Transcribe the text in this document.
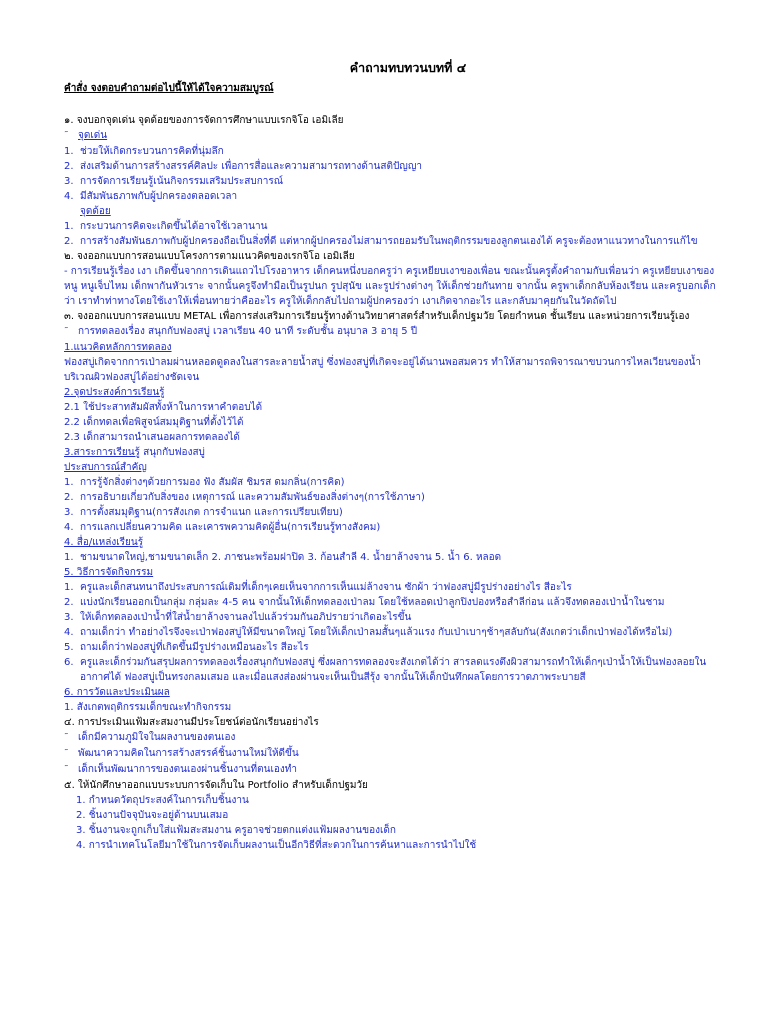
คำถามทบทวนบทที่ ๔
คำสั่ง จงตอบคำถามต่อไปนี้ให้ได้ใจความสมบูรณ์
๑. จงบอกจุดเด่น จุดด้อยของการจัดการศึกษาแบบเรกจิโอ เอมิเลีย
˜ จุดเด่น
1. ช่วยให้เกิดกระบวนการคิดที่นุ่มลึก
2. ส่งเสริมด้านการสร้างสรรค์ศิลปะ เพื่อการสื่อและความสามารถทางด้านสติปัญญา
3. การจัดการเรียนรู้เน้นกิจกรรมเสริมประสบการณ์
4. มีสัมพันธภาพกับผู้ปกครองตลอดเวลา
จุดด้อย
1. กระบวนการคิดจะเกิดขึ้นได้อาจใช้เวลานาน
2. การสร้างสัมพันธภาพกับผู้ปกครองถือเป็นสิ่งที่ดี แต่หากผู้ปกครองไม่สามารถยอมรับในพฤติกรรมของลูกตนเองได้ ครูจะต้องหาแนวทางในการแก้ไข
๒. จงออกแบบการสอนแบบโครงการตามแนวคิดของเรกจิโอ เอมิเลีย
- การเรียนรู้เรื่อง เงา เกิดขึ้นจากการเดินแถวไปโรงอาหาร เด็กคนหนึ่งบอกครูว่า ครูเหยียบเงาของเพื่อน ขณะนั้นครูตั้งคำถามกับเพื่อนว่า ครูเหยียบเงาของหนู หนูเจ็บไหม เด็กพากันหัวเราะ จากนั้นครูจึงทำมือเป็นรูปนก รูปสุนัข และรูปร่างต่างๆ ให้เด็กช่วยกันทาย จากนั้น ครูพาเด็กกลับห้องเรียน และครูบอกเด็กว่า เราทำท่าทางโดยใช้เงาให้เพื่อนทายว่าคืออะไร ครูให้เด็กกลับไปถามผู้ปกครองว่า เงาเกิดจากอะไร และกลับมาคุยกันในวัดถัดไป
๓. จงออกแบบการสอนแบบ METAL เพื่อการส่งเสริมการเรียนรู้ทางด้านวิทยาศาสตร์สำหรับเด็กปฐมวัย โดยกำหนด ชั้นเรียน และหน่วยการเรียนรู้เอง
˜ การทดลองเรื่อง สนุกกับฟองสบู่ เวลาเรียน 40 นาที ระดับชั้น อนุบาล 3 อายุ 5 ปี
1.แนวคิดหลักการทดลอง
ฟองสบู่เกิดจากการเป่าลมผ่านหลอดดูดลงในสารละลายน้ำสบู่ ซึ่งฟองสบู่ที่เกิดจะอยู่ได้นานพอสมควร ทำให้สามารถพิจารณาขบวนการไหลเวียนของน้ำบริเวณผิวฟองสบู่ได้อย่างชัดเจน
2.จุดประสงค์การเรียนรู้
2.1 ใช้ประสาทสัมผัสทั้งห้าในการหาคำตอบได้
2.2 เด็กทดลเพื่อพิสูจน์สมมุติฐานที่ตั้งไว้ได้
2.3 เด็กสามารถนำเสนอผลการทดลองได้
3.สาระการเรียนรู้ สนุกกับฟองสบู่
ประสบการณ์สำคัญ
1. การรู้จักสิ่งต่างๆด้วยการมอง ฟัง สัมผัส ชิมรส ดมกลิ่น(การคิด)
2. การอธิบายเกี่ยวกับสิ่งของ เหตุการณ์ และความสัมพันธ์ของสิ่งต่างๆ(การใช้ภาษา)
3. การตั้งสมมุติฐาน(การสังเกต การจำแนก และการเปรียบเทียบ)
4. การแลกเปลี่ยนความคิด และเคารพความคิดผู้อื่น(การเรียนรู้ทางสังคม)
4. สื่อ/แหล่งเรียนรู้
1. ชามขนาดใหญ่,ชามขนาดเล็ก 2. ภาชนะพร้อมฝาปิด 3. ก้อนสำลี 4. น้ำยาล้างจาน 5. น้ำ 6. หลอด
5. วิธีการจัดกิจกรรม
1. ครูและเด็กสนทนาถึงประสบการณ์เดิมที่เด็กๆเคยเห็นจากการเห็นแม่ล้างจาน ซักผ้า ว่าฟองสบู่มีรูปร่างอย่างไร สีอะไร
2. แบ่งนักเรียนออกเป็นกลุ่ม กลุ่มละ 4-5 คน จากนั้นให้เด็กทดลองเป่าลม โดยใช้หลอดเป่าลูกปิงปองหรือสำลีก่อน แล้วจึงทดลองเป่าน้ำในชาม
3. ให้เด็กทดลองเป่าน้ำที่ใส่น้ำยาล้างจานลงไปแล้วร่วมกันอภิปรายว่าเกิดอะไรขึ้น
4. ถามเด็กว่า ทำอย่างไรจึงจะเป่าฟองสบู่ให้มีขนาดใหญ่ โดยให้เด็กเป่าลมสั้นๆแล้วแรง กับเป่าเบาๆช้าๆสลับกัน(สังเกตว่าเด็กเป่าฟองได้หรือไม่)
5. ถามเด็กว่าฟองสบู่ที่เกิดขึ้นมีรูปร่างเหมือนอะไร สีอะไร
6. ครูและเด็กร่วมกันสรุปผลการทดลองเรื่องสนุกกับฟองสบู่ ซึ่งผลการทดลองจะสังเกตได้ว่า สารลดแรงตึงผิวสามารถทำให้เด็กๆเป่าน้ำให้เป็นฟองลอยในอากาศได้ ฟองสบู่เป็นทรงกลมเสมอ และเมื่อแสงส่องผ่านจะเห็นเป็นสีรุ้ง จากนั้นให้เด็กบันทึกผลโดยการวาดภาพระบายสี
6. การวัดและประเมินผล
1. สังเกตพฤติกรรมเด็กขณะทำกิจกรรม
๔. การประเมินแฟ้มสะสมงานมีประโยชน์ต่อนักเรียนอย่างไร
˜ เด็กมีความภูมิใจในผลงานของตนเอง
˜ พัฒนาความคิดในการสร้างสรรค์ชิ้นงานใหม่ให้ดีขึ้น
˜ เด็กเห็นพัฒนาการของตนเองผ่านชิ้นงานที่ตนเองทำ
๕. ให้นักศึกษาออกแบบระบบการจัดเก็บใน Portfolio สำหรับเด็กปฐมวัย
1. กำหนดวัตถุประสงค์ในการเก็บชิ้นงาน
2. ชิ้นงานปัจจุบันจะอยู่ด้านบนเสมอ
3. ชิ้นงานจะถูกเก็บใส่แฟ้มสะสมงาน ครูอาจช่วยตกแต่งแฟ้มผลงานของเด็ก
4. การนำเทคโนโลยีมาใช้ในการจัดเก็บผลงานเป็นอีกวิธีที่สะดวกในการค้นหาและการนำไปใช้
